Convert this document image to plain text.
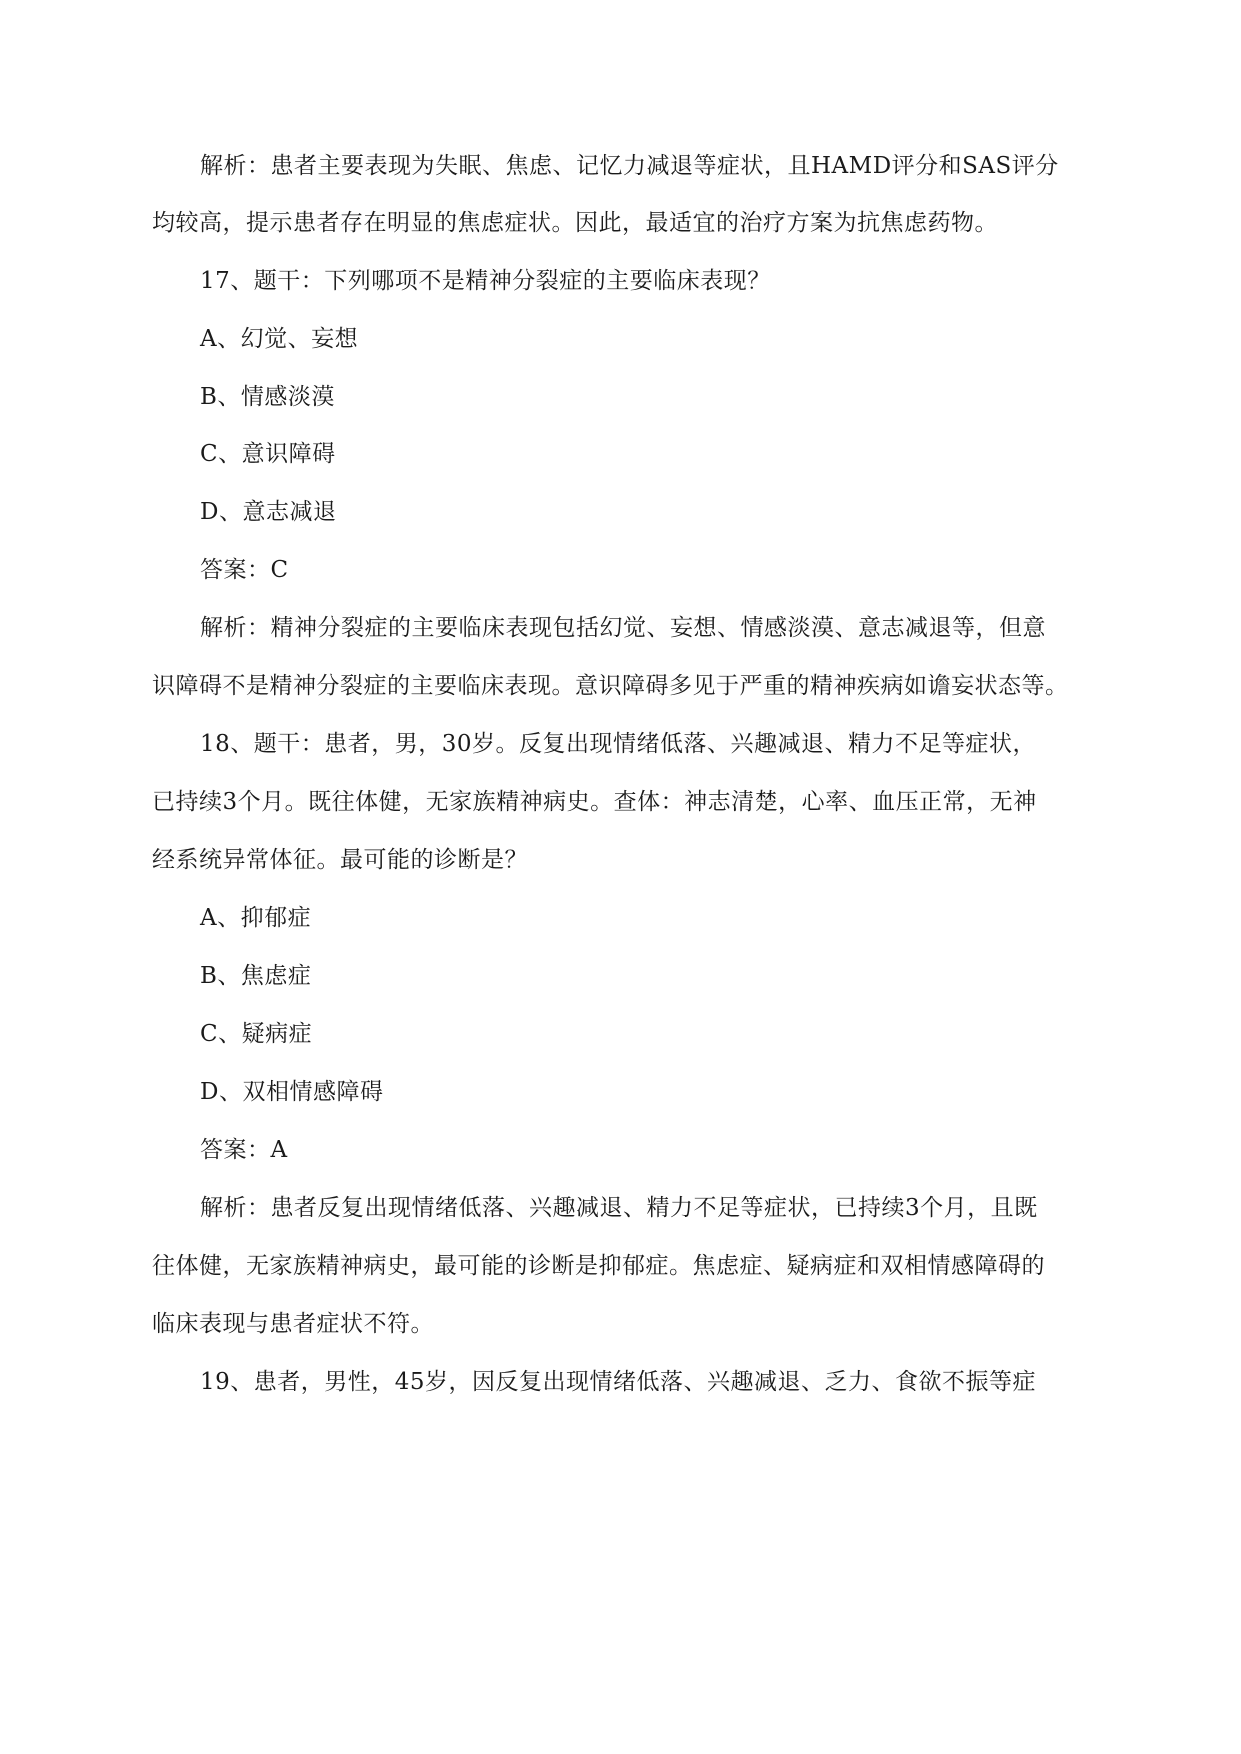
解析：患者主要表现为失眠、焦虑、记忆力减退等症状，且HAMD评分和SAS评分
均较高，提示患者存在明显的焦虑症状。因此，最适宜的治疗方案为抗焦虑药物。
17、题干：下列哪项不是精神分裂症的主要临床表现？
A、幻觉、妄想
B、情感淡漠
C、意识障碍
D、意志减退
答案：C
解析：精神分裂症的主要临床表现包括幻觉、妄想、情感淡漠、意志减退等，但意
识障碍不是精神分裂症的主要临床表现。意识障碍多见于严重的精神疾病如谵妄状态等。
18、题干：患者，男，30岁。反复出现情绪低落、兴趣减退、精力不足等症状，
已持续3个月。既往体健，无家族精神病史。查体：神志清楚，心率、血压正常，无神
经系统异常体征。最可能的诊断是？
A、抑郁症
B、焦虑症
C、疑病症
D、双相情感障碍
答案：A
解析：患者反复出现情绪低落、兴趣减退、精力不足等症状，已持续3个月，且既
往体健，无家族精神病史，最可能的诊断是抑郁症。焦虑症、疑病症和双相情感障碍的
临床表现与患者症状不符。
19、患者，男性，45岁，因反复出现情绪低落、兴趣减退、乏力、食欲不振等症
